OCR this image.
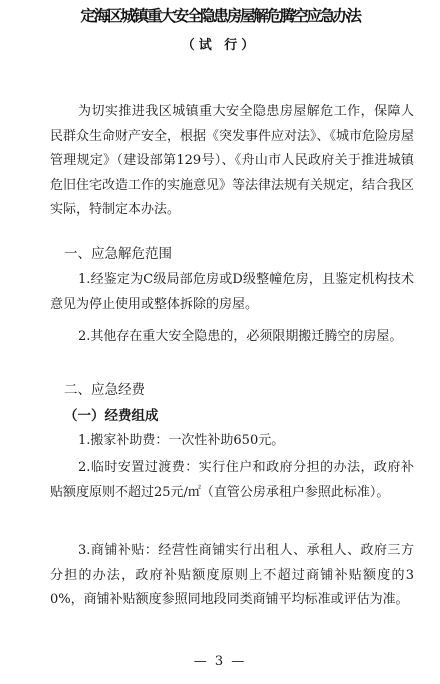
定海区城镇重大安全隐患房屋解危腾空应急办法
（试 行）

为切实推进我区城镇重大安全隐患房屋解危工作，保障人民群众生命财产安全，根据《突发事件应对法》、《城市危险房屋管理规定》（建设部第129号）、《舟山市人民政府关于推进城镇危旧住宅改造工作的实施意见》等法律法规有关规定，结合我区实际，特制定本办法。

一、应急解危范围

1.经鉴定为C级局部危房或D级整幢危房，且鉴定机构技术意见为停止使用或整体拆除的房屋。

2.其他存在重大安全隐患的，必须限期搬迁腾空的房屋。

二、应急经费

（一）经费组成

1.搬家补助费：一次性补助650元。

2.临时安置过渡费：实行住户和政府分担的办法，政府补贴额度原则不超过25元/㎡（直管公房承租户参照此标准）。

3.商铺补贴：经营性商铺实行出租人、承租人、政府三方分担的办法，政府补贴额度原则上不超过商铺补贴额度的30%，商铺补贴额度参照同地段同类商铺平均标准或评估为准。

— 3 —
